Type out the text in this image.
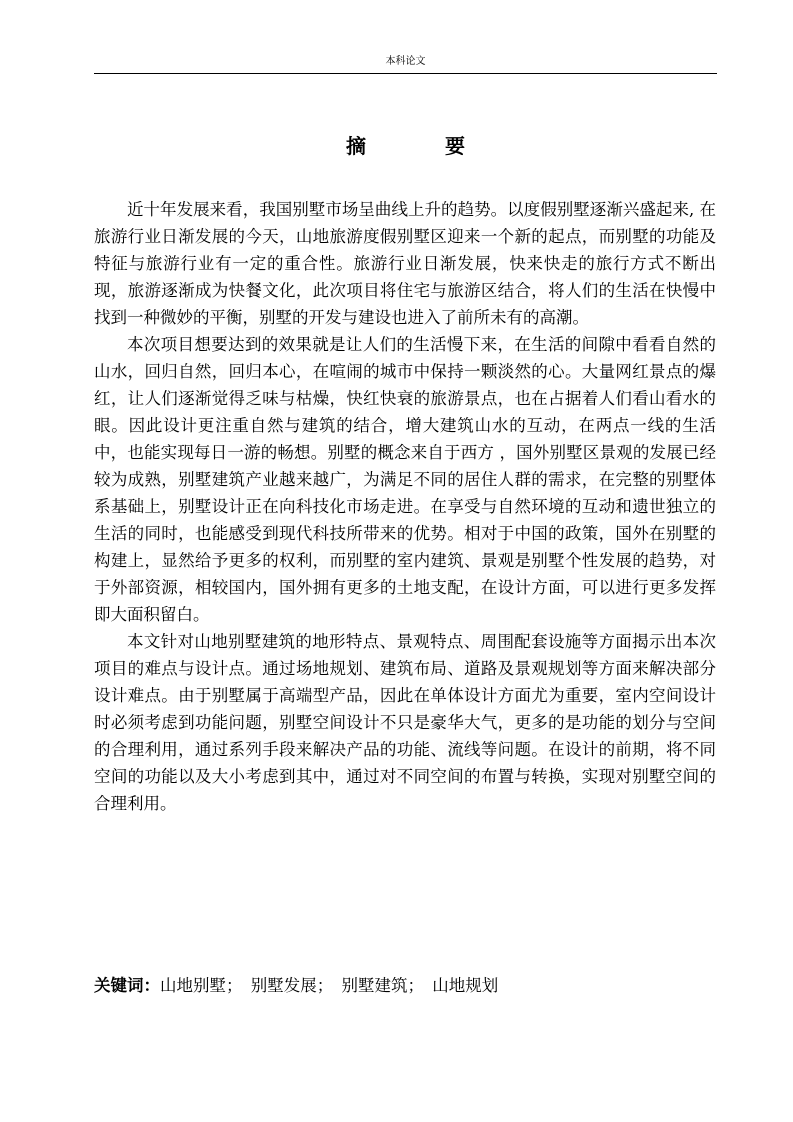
本科论文
摘 要

近十年发展来看，我国别墅市场呈曲线上升的趋势。以度假别墅逐渐兴盛起来, 在旅游行业日渐发展的今天，山地旅游度假别墅区迎来一个新的起点，而别墅的功能及特征与旅游行业有一定的重合性。旅游行业日渐发展，快来快走的旅行方式不断出现，旅游逐渐成为快餐文化，此次项目将住宅与旅游区结合，将人们的生活在快慢中找到一种微妙的平衡，别墅的开发与建设也进入了前所未有的高潮。

本次项目想要达到的效果就是让人们的生活慢下来，在生活的间隙中看看自然的山水，回归自然，回归本心，在喧闹的城市中保持一颗淡然的心。大量网红景点的爆红，让人们逐渐觉得乏味与枯燥，快红快衰的旅游景点，也在占据着人们看山看水的眼。因此设计更注重自然与建筑的结合，增大建筑山水的互动，在两点一线的生活中，也能实现每日一游的畅想。别墅的概念来自于西方 ，国外别墅区景观的发展已经较为成熟，别墅建筑产业越来越广，为满足不同的居住人群的需求，在完整的别墅体系基础上，别墅设计正在向科技化市场走进。在享受与自然环境的互动和遗世独立的生活的同时，也能感受到现代科技所带来的优势。相对于中国的政策，国外在别墅的构建上，显然给予更多的权利，而别墅的室内建筑、景观是别墅个性发展的趋势，对于外部资源，相较国内，国外拥有更多的土地支配，在设计方面，可以进行更多发挥即大面积留白。

本文针对山地别墅建筑的地形特点、景观特点、周围配套设施等方面揭示出本次项目的难点与设计点。通过场地规划、建筑布局、道路及景观规划等方面来解决部分设计难点。由于别墅属于高端型产品，因此在单体设计方面尤为重要，室内空间设计时必须考虑到功能问题，别墅空间设计不只是豪华大气，更多的是功能的划分与空间的合理利用，通过系列手段来解决产品的功能、流线等问题。在设计的前期，将不同空间的功能以及大小考虑到其中，通过对不同空间的布置与转换，实现对别墅空间的合理利用。

关键词：山地别墅；　别墅发展；　别墅建筑；　山地规划
